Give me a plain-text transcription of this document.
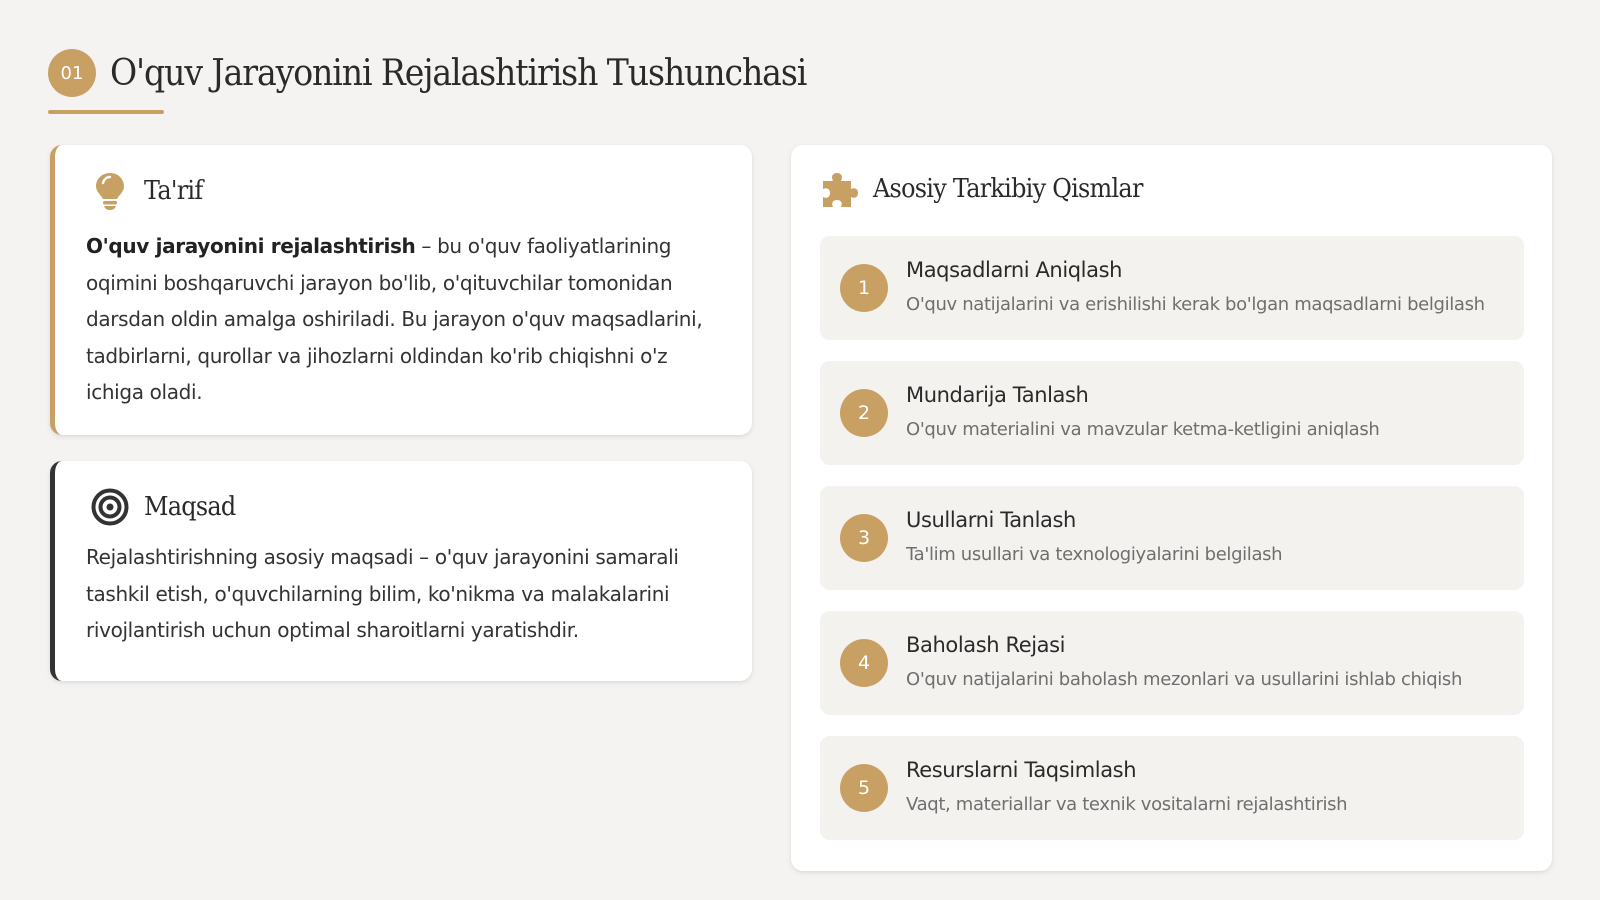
01 O'quv Jarayonini Rejalashtirish Tushunchasi
Ta'rif
O'quv jarayonini rejalashtirish – bu o'quv faoliyatlarining oqimini boshqaruvchi jarayon bo'lib, o'qituvchilar tomonidan darsdan oldin amalga oshiriladi. Bu jarayon o'quv maqsadlarini, tadbirlarni, qurollar va jihozlarni oldindan ko'rib chiqishni o'z ichiga oladi.
Maqsad
Rejalashtirishning asosiy maqsadi – o'quv jarayonini samarali tashkil etish, o'quvchilarning bilim, ko'nikma va malakalarini rivojlantirish uchun optimal sharoitlarni yaratishdir.
Asosiy Tarkibiy Qismlar
1
Maqsadlarni Aniqlash
O'quv natijalarini va erishilishi kerak bo'lgan maqsadlarni belgilash
2
Mundarija Tanlash
O'quv materialini va mavzular ketma-ketligini aniqlash
3
Usullarni Tanlash
Ta'lim usullari va texnologiyalarini belgilash
4
Baholash Rejasi
O'quv natijalarini baholash mezonlari va usullarini ishlab chiqish
5
Resurslarni Taqsimlash
Vaqt, materiallar va texnik vositalarni rejalashtirish
